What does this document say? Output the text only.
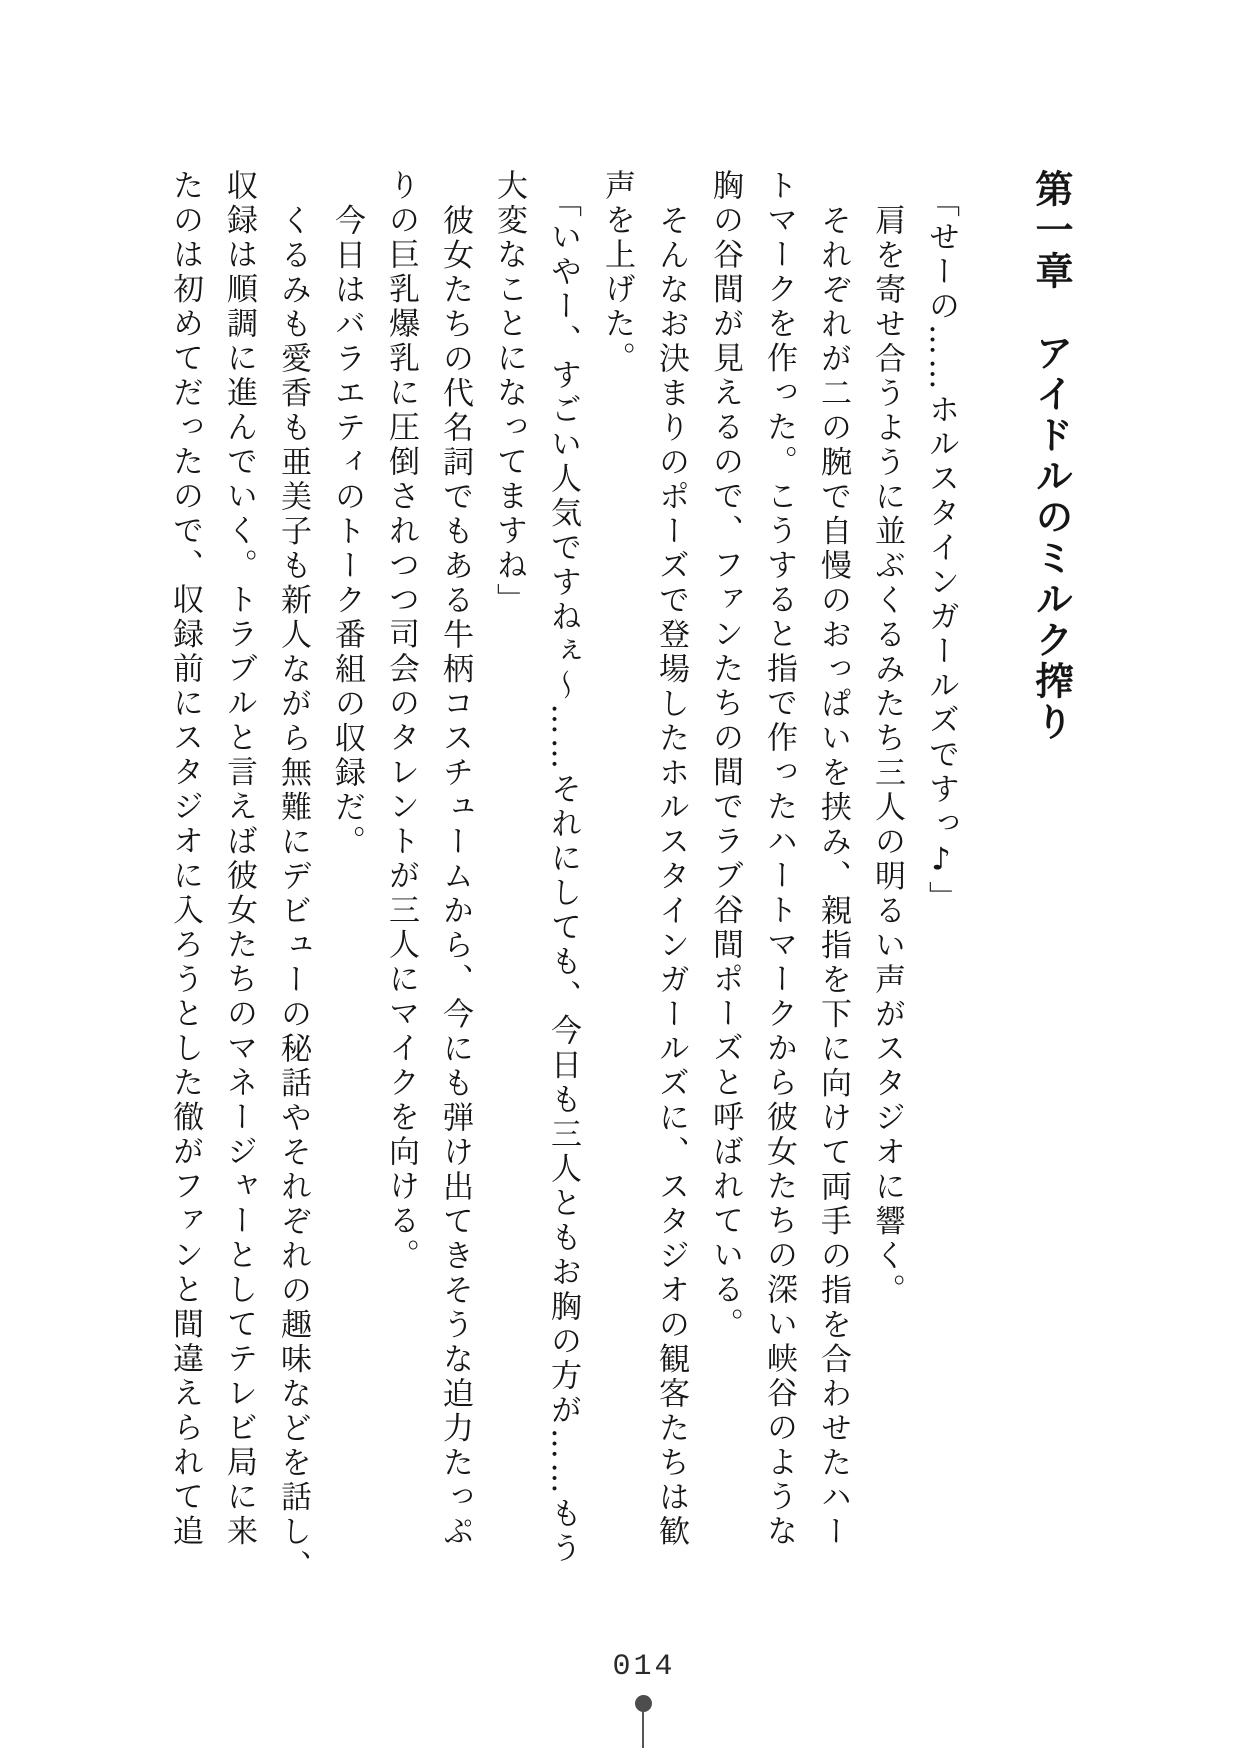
第一章　アイドルのミルク搾り
「せーの……ホルスタインガールズですっ♪」
肩を寄せ合うように並ぶくるみたち三人の明るい声がスタジオに響く。
それぞれが二の腕で自慢のおっぱいを挟み、親指を下に向けて両手の指を合わせたハー
トマークを作った。こうすると指で作ったハートマークから彼女たちの深い峡谷のような
胸の谷間が見えるので、ファンたちの間でラブ谷間ポーズと呼ばれている。
そんなお決まりのポーズで登場したホルスタインガールズに、スタジオの観客たちは歓
声を上げた。
「いやー、すごい人気ですねぇ～……それにしても、今日も三人ともお胸の方が……もう
大変なことになってますね」
彼女たちの代名詞でもある牛柄コスチュームから、今にも弾け出てきそうな迫力たっぷ
りの巨乳爆乳に圧倒されつつ司会のタレントが三人にマイクを向ける。
今日はバラエティのトーク番組の収録だ。
くるみも愛香も亜美子も新人ながら無難にデビューの秘話やそれぞれの趣味などを話し、
収録は順調に進んでいく。トラブルと言えば彼女たちのマネージャーとしてテレビ局に来
たのは初めてだったので、収録前にスタジオに入ろうとした徹がファンと間違えられて追
014
